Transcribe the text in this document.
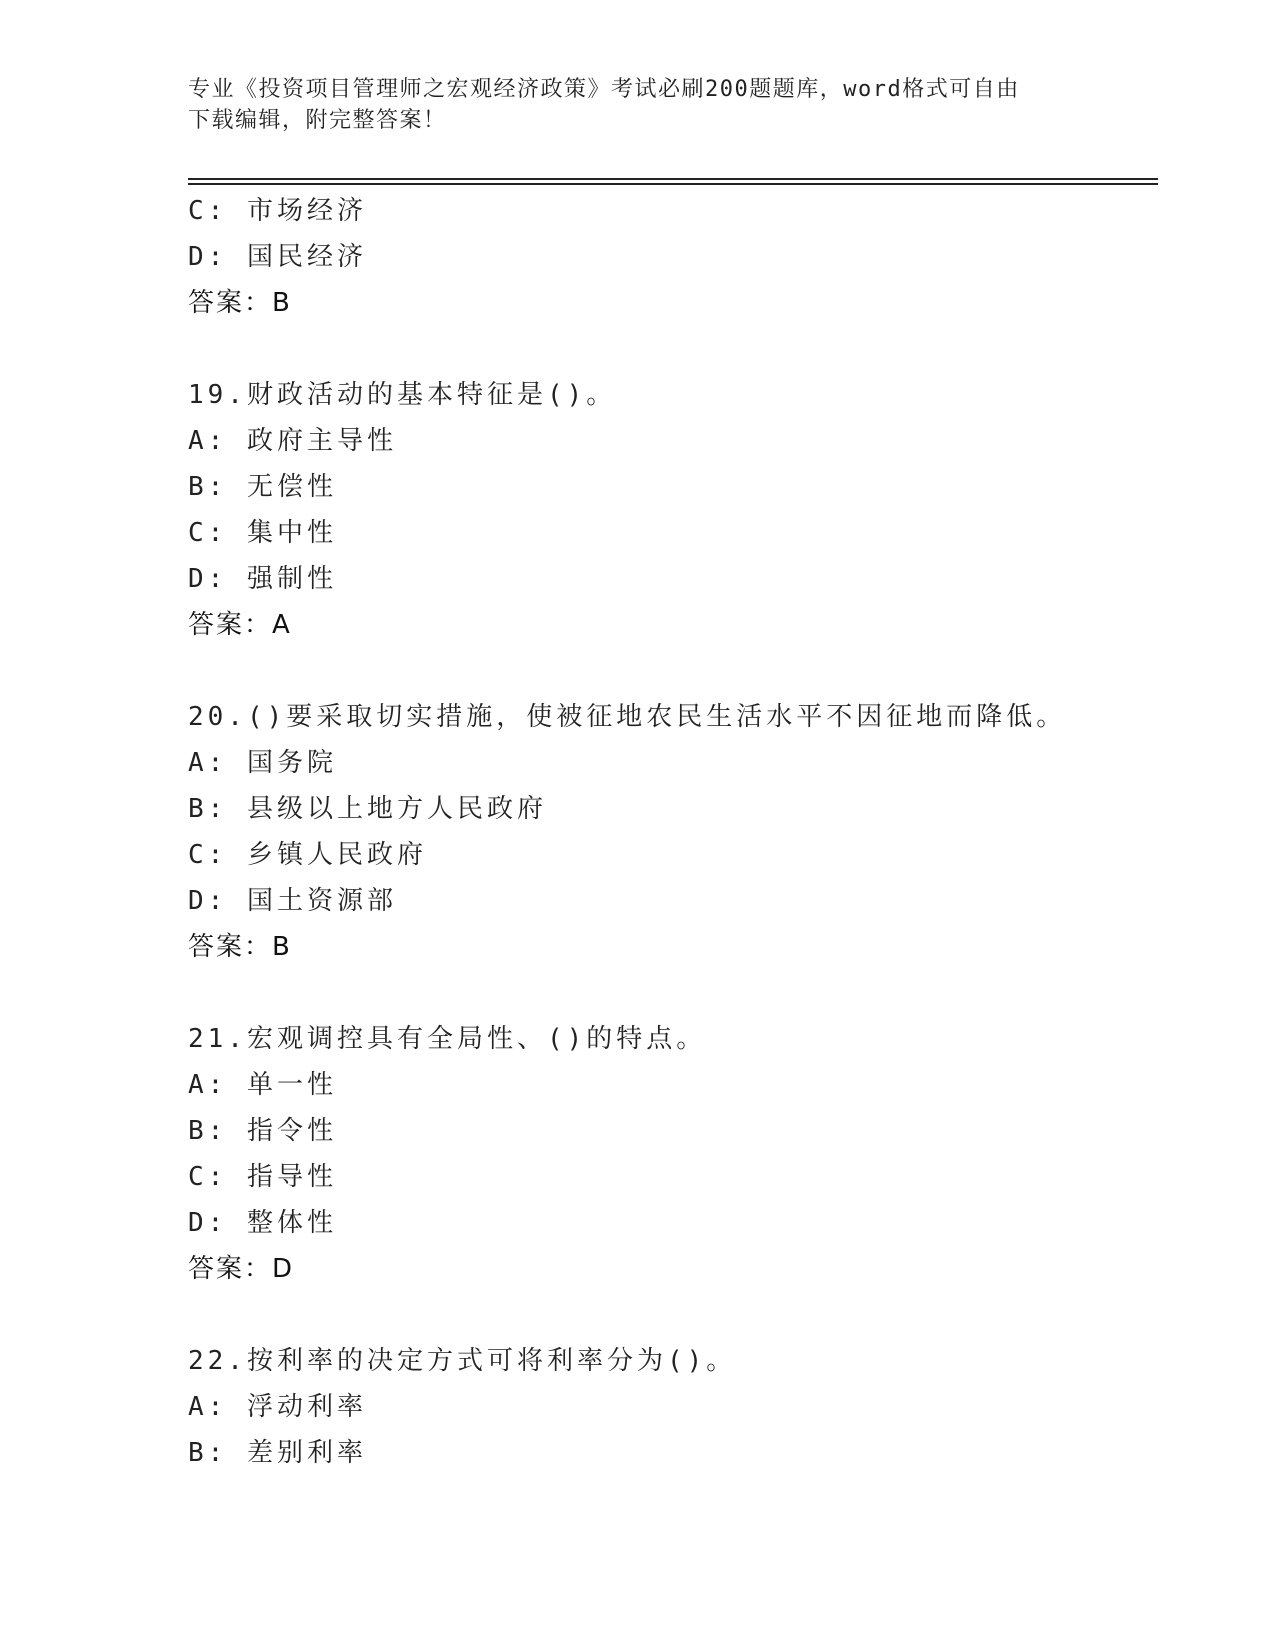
专业《投资项目管理师之宏观经济政策》考试必刷200题题库，word格式可自由
下载编辑，附完整答案！
C: 市场经济
D: 国民经济
答案：B
19.财政活动的基本特征是()。
A: 政府主导性
B: 无偿性
C: 集中性
D: 强制性
答案：A
20.()要采取切实措施，使被征地农民生活水平不因征地而降低。
A: 国务院
B: 县级以上地方人民政府
C: 乡镇人民政府
D: 国土资源部
答案：B
21.宏观调控具有全局性、()的特点。
A: 单一性
B: 指令性
C: 指导性
D: 整体性
答案：D
22.按利率的决定方式可将利率分为()。
A: 浮动利率
B: 差别利率
